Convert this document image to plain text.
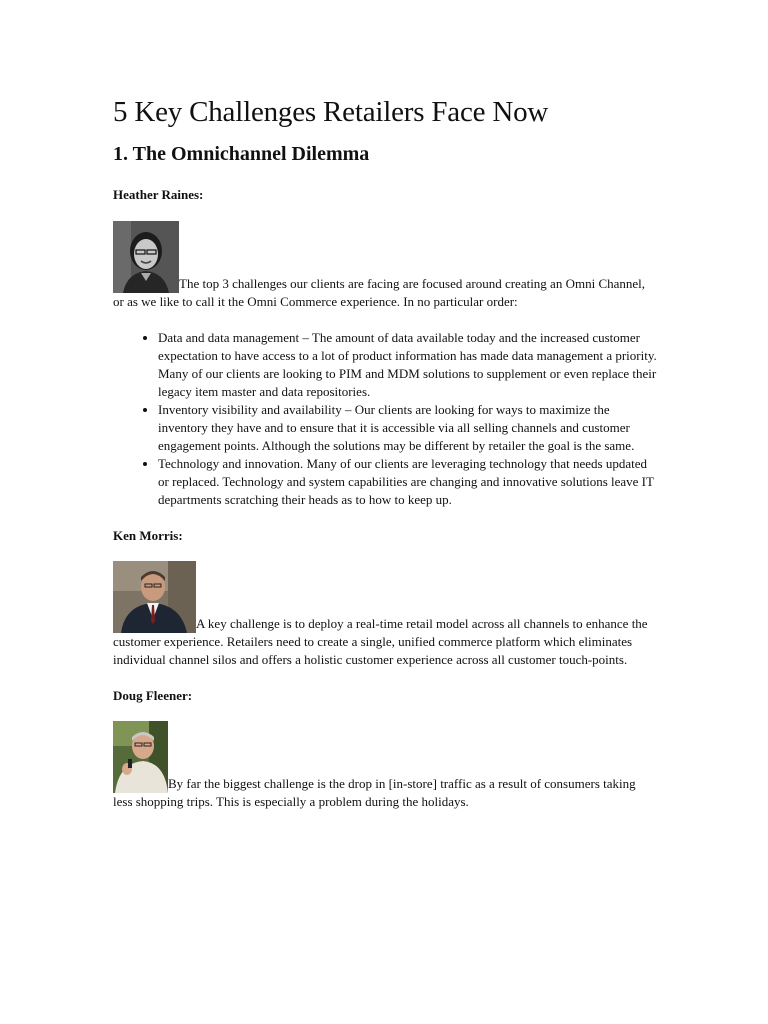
5 Key Challenges Retailers Face Now
1. The Omnichannel Dilemma
Heather Raines:

The top 3 challenges our clients are facing are focused around creating an Omni Channel, or as we like to call it the Omni Commerce experience. In no particular order:

• Data and data management – The amount of data available today and the increased customer expectation to have access to a lot of product information has made data management a priority. Many of our clients are looking to PIM and MDM solutions to supplement or even replace their legacy item master and data repositories.
• Inventory visibility and availability – Our clients are looking for ways to maximize the inventory they have and to ensure that it is accessible via all selling channels and customer engagement points. Although the solutions may be different by retailer the goal is the same.
• Technology and innovation. Many of our clients are leveraging technology that needs updated or replaced. Technology and system capabilities are changing and innovative solutions leave IT departments scratching their heads as to how to keep up.
Ken Morris:

A key challenge is to deploy a real-time retail model across all channels to enhance the customer experience. Retailers need to create a single, unified commerce platform which eliminates individual channel silos and offers a holistic customer experience across all customer touch-points.

Doug Fleener:

By far the biggest challenge is the drop in [in-store] traffic as a result of consumers taking less shopping trips. This is especially a problem during the holidays.
